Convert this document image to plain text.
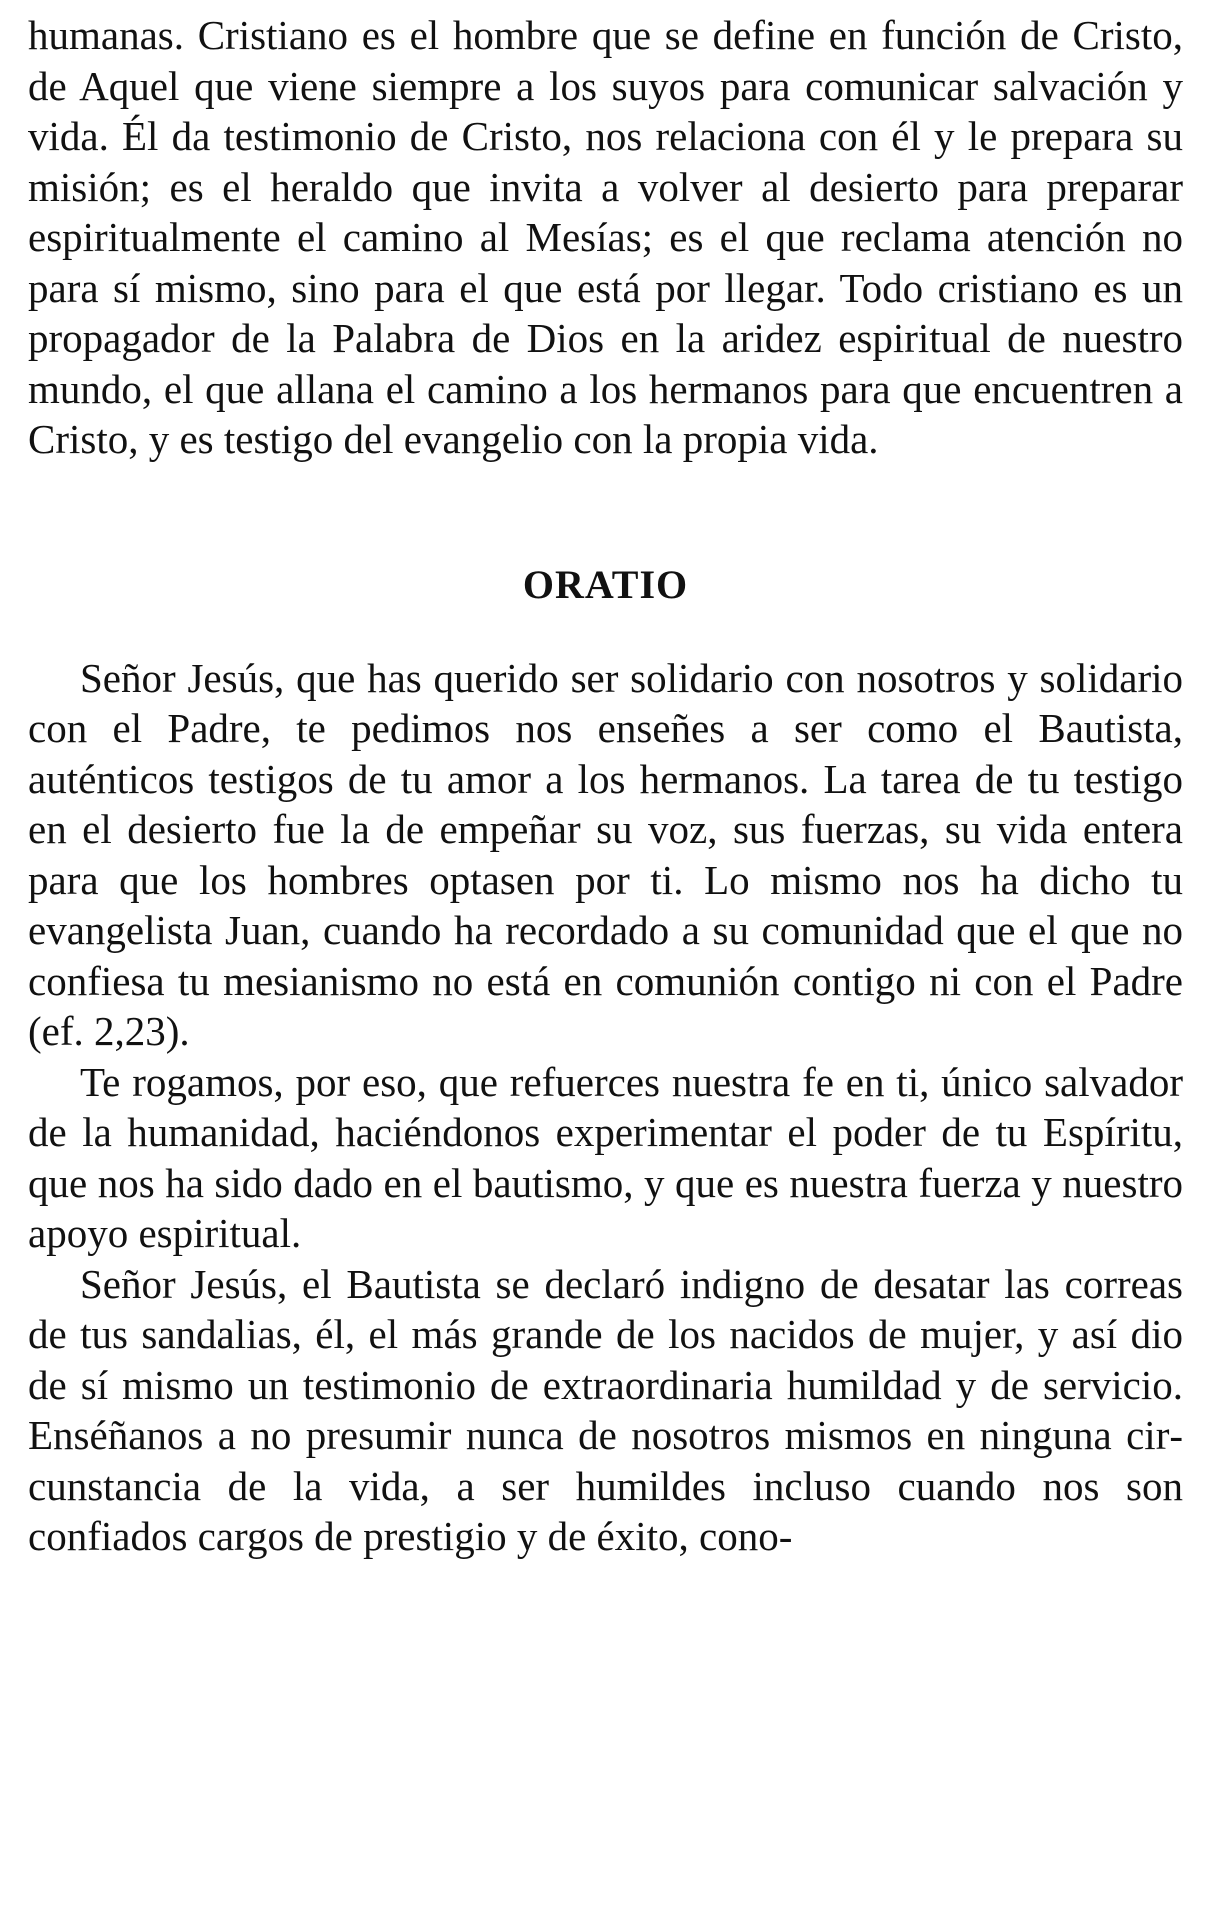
humanas. Cristiano es el hombre que se define en función de Cristo, de Aquel que viene siempre a los suyos para comunicar salvación y vida. Él da testimonio de Cristo, nos relaciona con él y le prepara su misión; es el heraldo que invita a volver al desierto para preparar espiritualmente el camino al Mesías; es el que reclama atención no para sí mismo, sino para el que está por llegar. Todo cristiano es un propagador de la Palabra de Dios en la aridez espiritual de nuestro mundo, el que allana el camino a los hermanos para que encuentren a Cristo, y es testigo del evangelio con la propia vida.

ORATIO

Señor Jesús, que has querido ser solidario con nosotros y solidario con el Padre, te pedimos nos enseñes a ser como el Bautista, auténticos testigos de tu amor a los hermanos. La tarea de tu testigo en el desierto fue la de empeñar su voz, sus fuerzas, su vida entera para que los hombres optasen por ti. Lo mismo nos ha dicho tu evangelista Juan, cuando ha recordado a su comunidad que el que no confiesa tu mesianismo no está en comunión contigo ni con el Padre (ef. 2,23).

Te rogamos, por eso, que refuerces nuestra fe en ti, único salvador de la humanidad, haciéndonos experimentar el poder de tu Espíritu, que nos ha sido dado en el bautismo, y que es nuestra fuerza y nuestro apoyo espiritual.

Señor Jesús, el Bautista se declaró indigno de desatar las correas de tus sandalias, él, el más grande de los nacidos de mujer, y así dio de sí mismo un testimonio de extraordinaria humildad y de servicio. Enséñanos a no presumir nunca de nosotros mismos en ninguna circunstancia de la vida, a ser humildes incluso cuando nos son confiados cargos de prestigio y de éxito, cono-
